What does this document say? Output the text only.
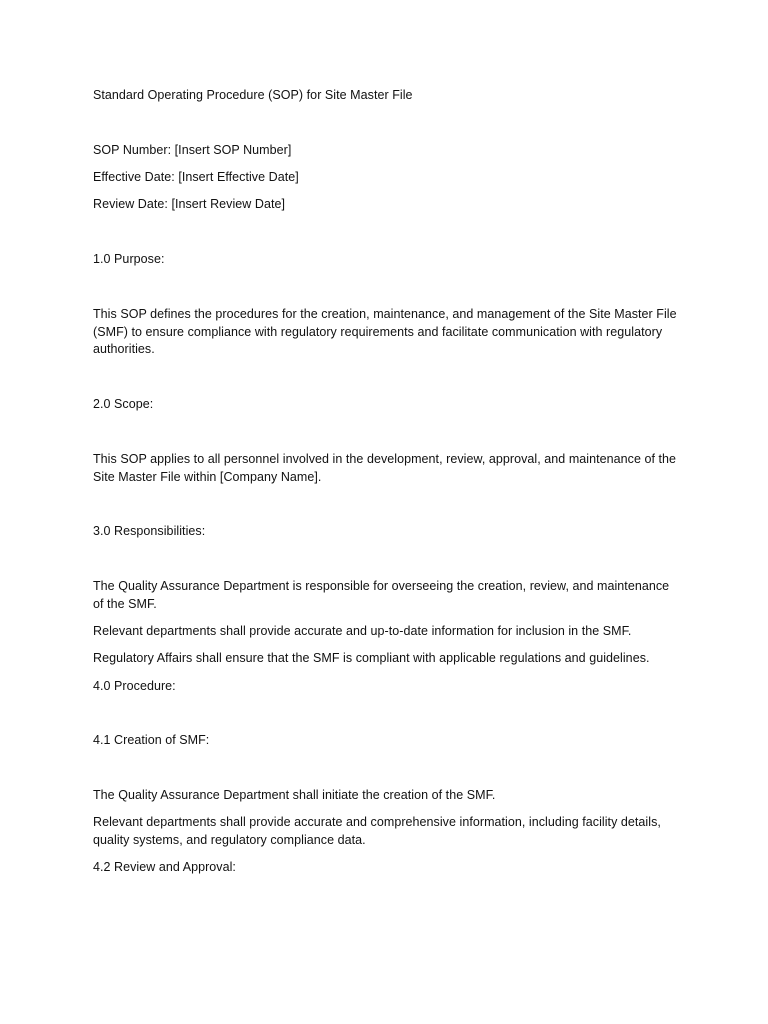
Standard Operating Procedure (SOP) for Site Master File

SOP Number: [Insert SOP Number]

Effective Date: [Insert Effective Date]

Review Date: [Insert Review Date]

1.0 Purpose:

This SOP defines the procedures for the creation, maintenance, and management of the Site Master File (SMF) to ensure compliance with regulatory requirements and facilitate communication with regulatory authorities.

2.0 Scope:

This SOP applies to all personnel involved in the development, review, approval, and maintenance of the Site Master File within [Company Name].

3.0 Responsibilities:

The Quality Assurance Department is responsible for overseeing the creation, review, and maintenance of the SMF.

Relevant departments shall provide accurate and up-to-date information for inclusion in the SMF.

Regulatory Affairs shall ensure that the SMF is compliant with applicable regulations and guidelines.

4.0 Procedure:

4.1 Creation of SMF:

The Quality Assurance Department shall initiate the creation of the SMF.

Relevant departments shall provide accurate and comprehensive information, including facility details, quality systems, and regulatory compliance data.

4.2 Review and Approval:
